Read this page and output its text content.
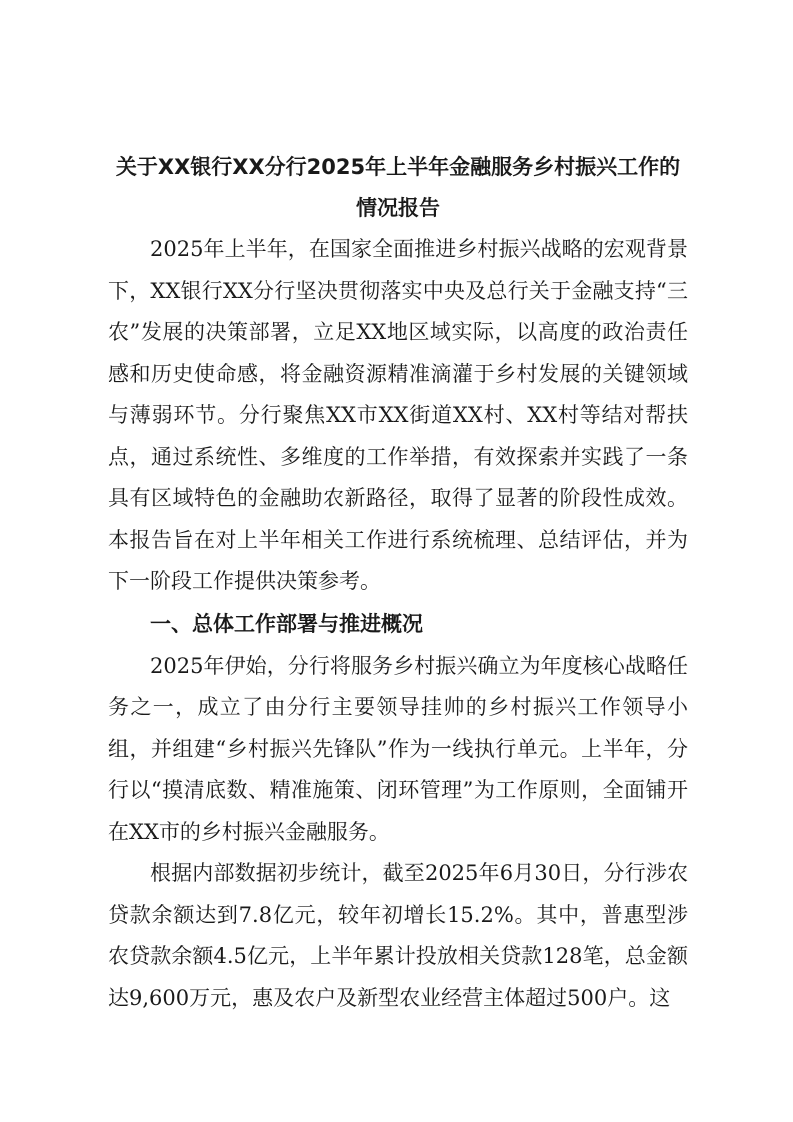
关于XX银行XX分行2025年上半年金融服务乡村振兴工作的
情况报告

2025年上半年，在国家全面推进乡村振兴战略的宏观背景下，XX银行XX分行坚决贯彻落实中央及总行关于金融支持“三农”发展的决策部署，立足XX地区域实际，以高度的政治责任感和历史使命感，将金融资源精准滴灌于乡村发展的关键领域与薄弱环节。分行聚焦XX市XX街道XX村、XX村等结对帮扶点，通过系统性、多维度的工作举措，有效探索并实践了一条具有区域特色的金融助农新路径，取得了显著的阶段性成效。本报告旨在对上半年相关工作进行系统梳理、总结评估，并为下一阶段工作提供决策参考。

一、总体工作部署与推进概况

2025年伊始，分行将服务乡村振兴确立为年度核心战略任务之一，成立了由分行主要领导挂帅的乡村振兴工作领导小组，并组建“乡村振兴先锋队”作为一线执行单元。上半年，分行以“摸清底数、精准施策、闭环管理”为工作原则，全面铺开在XX市的乡村振兴金融服务。

根据内部数据初步统计，截至2025年6月30日，分行涉农贷款余额达到7.8亿元，较年初增长15.2%。其中，普惠型涉农贷款余额4.5亿元，上半年累计投放相关贷款128笔，总金额达9,600万元，惠及农户及新型农业经营主体超过500户。这
